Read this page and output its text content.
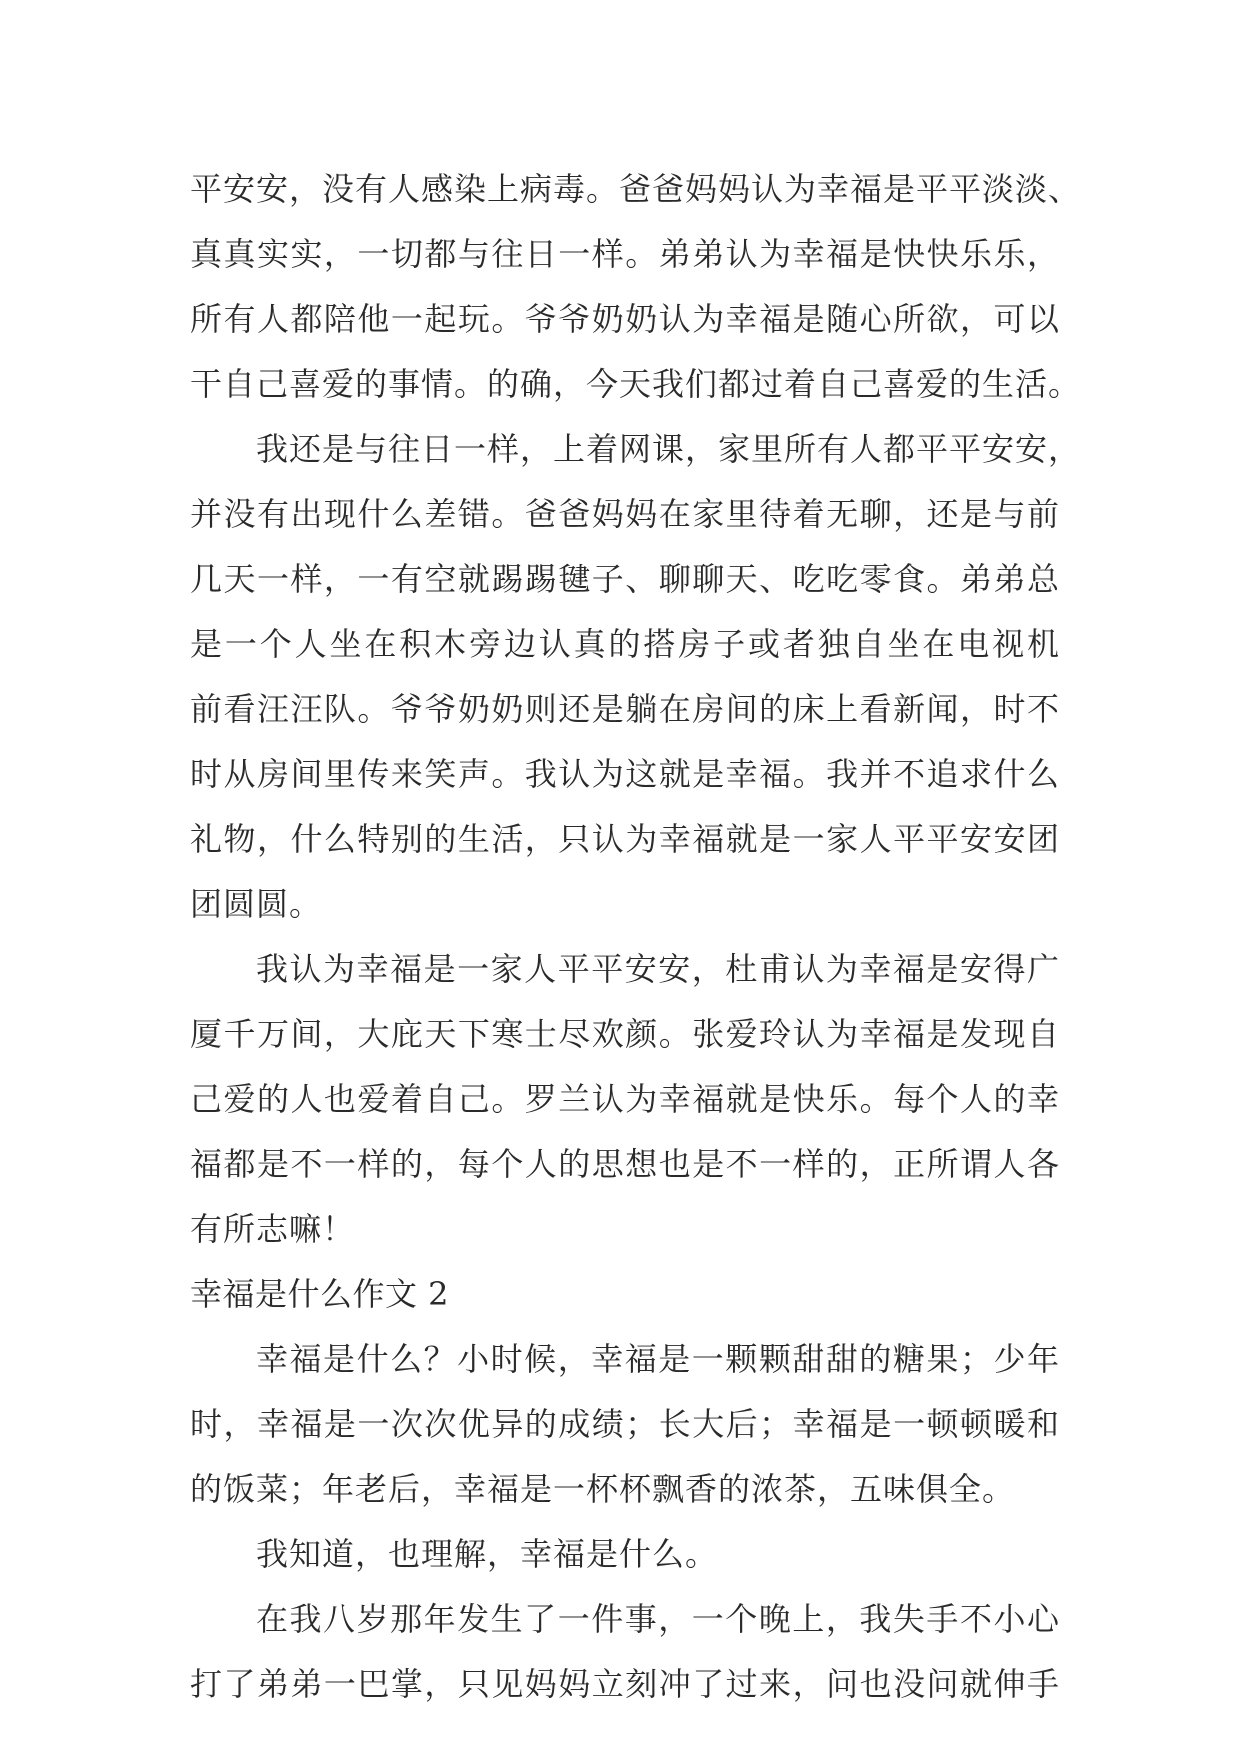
平安安，没有人感染上病毒。爸爸妈妈认为幸福是平平淡淡、
真真实实，一切都与往日一样。弟弟认为幸福是快快乐乐，
所有人都陪他一起玩。爷爷奶奶认为幸福是随心所欲，可以
干自己喜爱的事情。的确，今天我们都过着自己喜爱的生活。
我还是与往日一样，上着网课，家里所有人都平平安安，
并没有出现什么差错。爸爸妈妈在家里待着无聊，还是与前
几天一样，一有空就踢踢毽子、聊聊天、吃吃零食。弟弟总
是一个人坐在积木旁边认真的搭房子或者独自坐在电视机
前看汪汪队。爷爷奶奶则还是躺在房间的床上看新闻，时不
时从房间里传来笑声。我认为这就是幸福。我并不追求什么
礼物，什么特别的生活，只认为幸福就是一家人平平安安团
团圆圆。
我认为幸福是一家人平平安安，杜甫认为幸福是安得广
厦千万间，大庇天下寒士尽欢颜。张爱玲认为幸福是发现自
己爱的人也爱着自己。罗兰认为幸福就是快乐。每个人的幸
福都是不一样的，每个人的思想也是不一样的，正所谓人各
有所志嘛！
幸福是什么作文 2
幸福是什么？小时候，幸福是一颗颗甜甜的糖果；少年
时，幸福是一次次优异的成绩；长大后；幸福是一顿顿暖和
的饭菜；年老后，幸福是一杯杯飘香的浓茶，五味俱全。
我知道，也理解，幸福是什么。
在我八岁那年发生了一件事，一个晚上，我失手不小心
打了弟弟一巴掌，只见妈妈立刻冲了过来，问也没问就伸手
